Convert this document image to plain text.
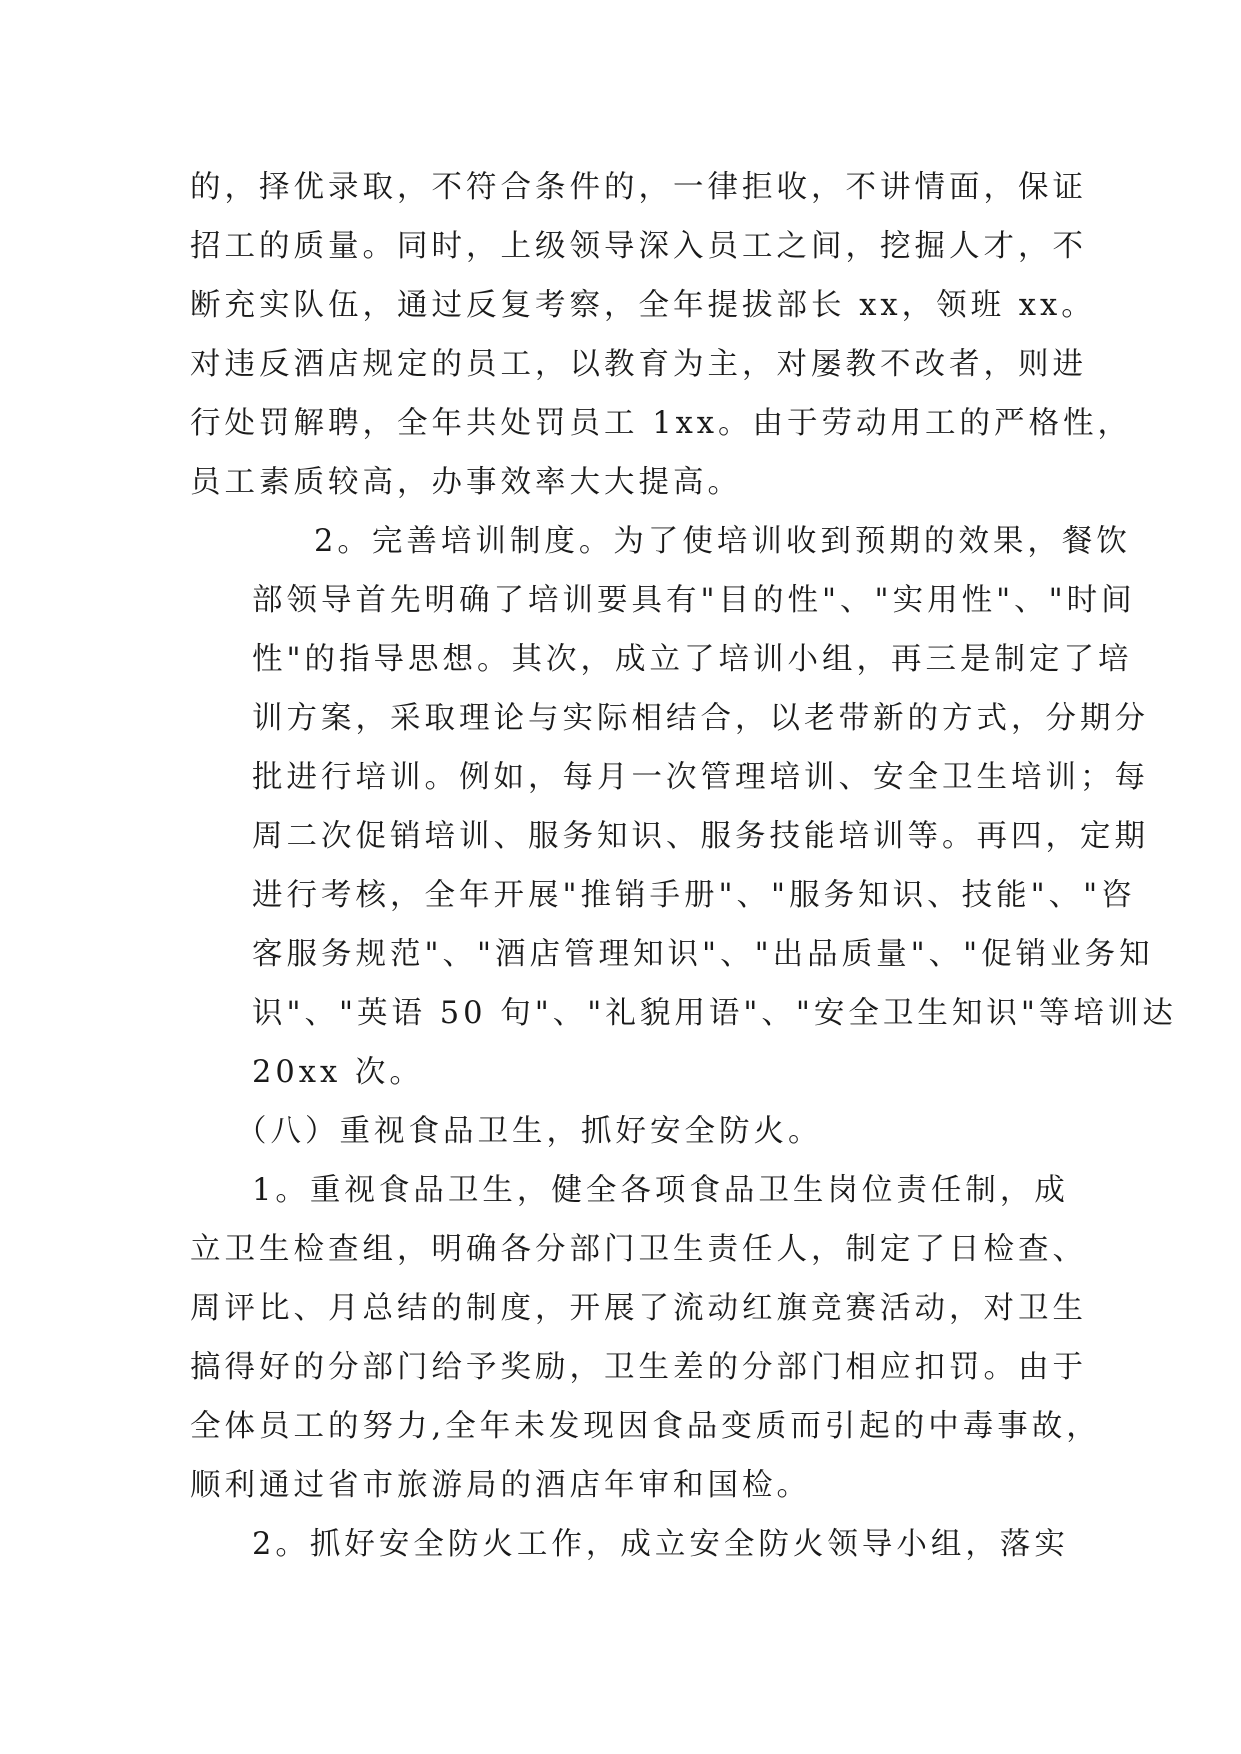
的，择优录取，不符合条件的，一律拒收，不讲情面，保证
招工的质量。同时，上级领导深入员工之间，挖掘人才，不
断充实队伍，通过反复考察，全年提拔部长 xx，领班 xx。
对违反酒店规定的员工，以教育为主，对屡教不改者，则进
行处罚解聘，全年共处罚员工 1xx。由于劳动用工的严格性，
员工素质较高，办事效率大大提高。

2。完善培训制度。为了使培训收到预期的效果，餐饮
部领导首先明确了培训要具有"目的性"、"实用性"、"时间
性"的指导思想。其次，成立了培训小组，再三是制定了培
训方案，采取理论与实际相结合，以老带新的方式，分期分
批进行培训。例如，每月一次管理培训、安全卫生培训；每
周二次促销培训、服务知识、服务技能培训等。再四，定期
进行考核，全年开展"推销手册"、"服务知识、技能"、"咨
客服务规范"、"酒店管理知识"、"出品质量"、"促销业务知
识"、"英语 50 句"、"礼貌用语"、"安全卫生知识"等培训达
20xx 次。

（八）重视食品卫生，抓好安全防火。

1。重视食品卫生，健全各项食品卫生岗位责任制，成
立卫生检查组，明确各分部门卫生责任人，制定了日检查、
周评比、月总结的制度，开展了流动红旗竞赛活动，对卫生
搞得好的分部门给予奖励，卫生差的分部门相应扣罚。由于
全体员工的努力,全年未发现因食品变质而引起的中毒事故，
顺利通过省市旅游局的酒店年审和国检。

2。抓好安全防火工作，成立安全防火领导小组，落实
